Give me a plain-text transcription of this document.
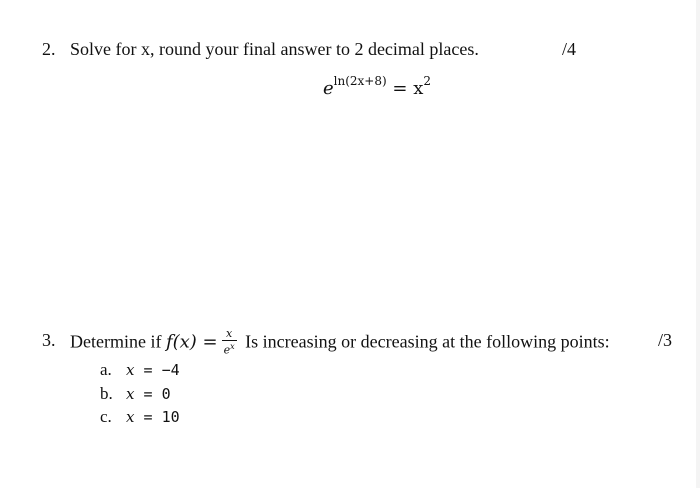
2. Solve for x, round your final answer to 2 decimal places.	/4
$e^{ln(2x+8)} = x^2$
3. Determine if $f(x) = \frac{x}{e^x}$ Is increasing or decreasing at the following points:	/3
a. x = −4
b. x = 0
c. x = 10
